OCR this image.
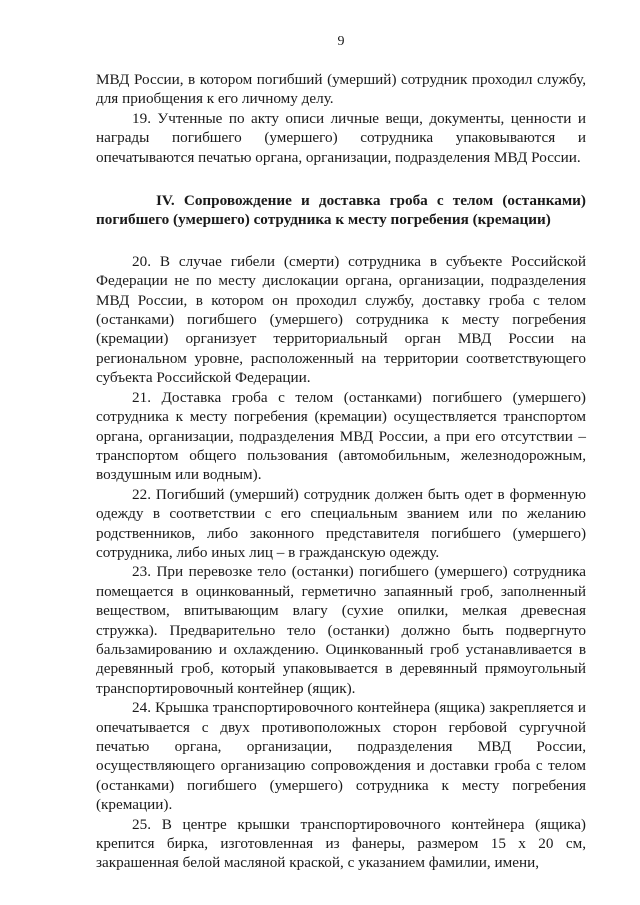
9

МВД России, в котором погибший (умерший) сотрудник проходил службу, для приобщения к его личному делу.

19. Учтенные по акту описи личные вещи, документы, ценности и награды погибшего (умершего) сотрудника упаковываются и опечатываются печатью органа, организации, подразделения МВД России.

IV. Сопровождение и доставка гроба с телом (останками) погибшего (умершего) сотрудника к месту погребения (кремации)

20. В случае гибели (смерти) сотрудника в субъекте Российской Федерации не по месту дислокации органа, организации, подразделения МВД России, в котором он проходил службу, доставку гроба с телом (останками) погибшего (умершего) сотрудника к месту погребения (кремации) организует территориальный орган МВД России на региональном уровне, расположенный на территории соответствующего субъекта Российской Федерации.

21. Доставка гроба с телом (останками) погибшего (умершего) сотрудника к месту погребения (кремации) осуществляется транспортом органа, организации, подразделения МВД России, а при его отсутствии – транспортом общего пользования (автомобильным, железнодорожным, воздушным или водным).

22. Погибший (умерший) сотрудник должен быть одет в форменную одежду в соответствии с его специальным званием или по желанию родственников, либо законного представителя погибшего (умершего) сотрудника, либо иных лиц – в гражданскую одежду.

23. При перевозке тело (останки) погибшего (умершего) сотрудника помещается в оцинкованный, герметично запаянный гроб, заполненный веществом, впитывающим влагу (сухие опилки, мелкая древесная стружка). Предварительно тело (останки) должно быть подвергнуто бальзамированию и охлаждению. Оцинкованный гроб устанавливается в деревянный гроб, который упаковывается в деревянный прямоугольный транспортировочный контейнер (ящик).

24. Крышка транспортировочного контейнера (ящика) закрепляется и опечатывается с двух противоположных сторон гербовой сургучной печатью органа, организации, подразделения МВД России, осуществляющего организацию сопровождения и доставки гроба с телом (останками) погибшего (умершего) сотрудника к месту погребения (кремации).

25. В центре крышки транспортировочного контейнера (ящика) крепится бирка, изготовленная из фанеры, размером 15 х 20 см, закрашенная белой масляной краской, с указанием фамилии, имени,
